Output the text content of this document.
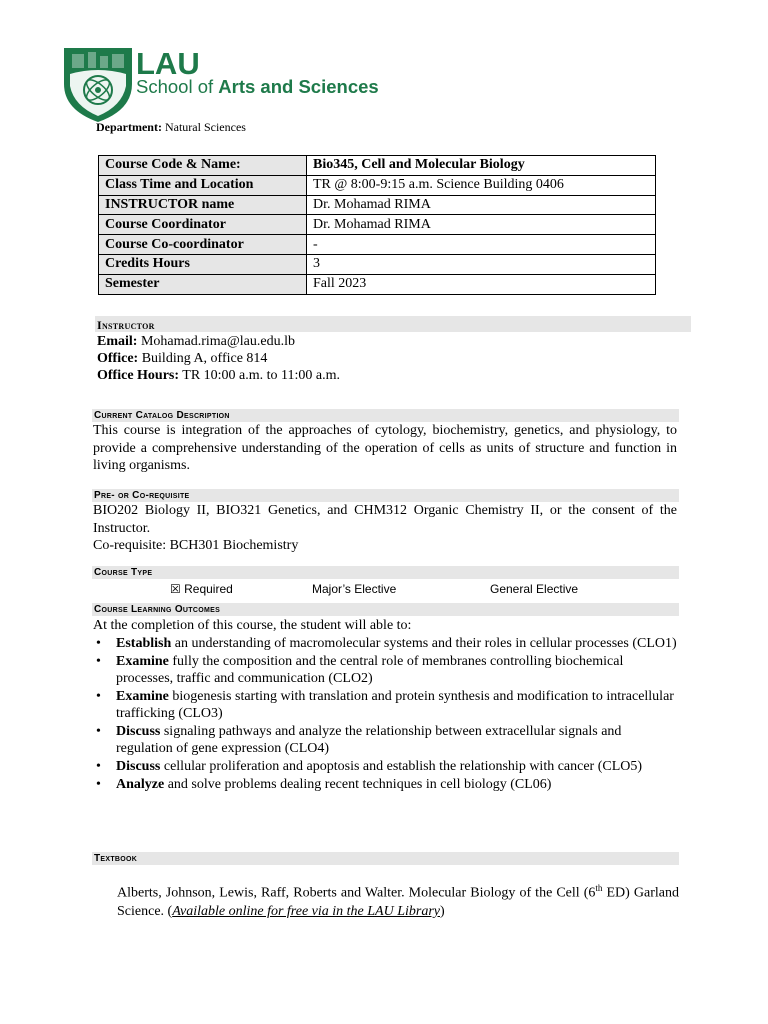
LAU
School of Arts and Sciences
Department: Natural Sciences
Course Code & Name:	Bio345, Cell and Molecular Biology
Class Time and Location	TR @ 8:00-9:15 a.m. Science Building 0406
INSTRUCTOR name	Dr. Mohamad RIMA
Course Coordinator	Dr. Mohamad RIMA
Course Co-coordinator	-
Credits Hours	3
Semester	Fall 2023
Instructor
Email: Mohamad.rima@lau.edu.lb
Office: Building A, office 814
Office Hours: TR 10:00 a.m. to 11:00 a.m.
Current Catalog Description
This course is integration of the approaches of cytology, biochemistry, genetics, and physiology, to provide a comprehensive understanding of the operation of cells as units of structure and function in living organisms.
Pre- or Co-requisite
BIO202 Biology II, BIO321 Genetics, and CHM312 Organic Chemistry II, or the consent of the Instructor.
Co-requisite: BCH301 Biochemistry
Course Type
☒ Required	Major’s Elective	General Elective
Course Learning Outcomes
At the completion of this course, the student will able to:
• Establish an understanding of macromolecular systems and their roles in cellular processes (CLO1)
• Examine fully the composition and the central role of membranes controlling biochemical processes, traffic and communication (CLO2)
• Examine biogenesis starting with translation and protein synthesis and modification to intracellular trafficking (CLO3)
• Discuss signaling pathways and analyze the relationship between extracellular signals and regulation of gene expression (CLO4)
• Discuss cellular proliferation and apoptosis and establish the relationship with cancer (CLO5)
• Analyze and solve problems dealing recent techniques in cell biology (CL06)
Textbook
Alberts, Johnson, Lewis, Raff, Roberts and Walter. Molecular Biology of the Cell (6th ED) Garland Science. (Available online for free via in the LAU Library)
